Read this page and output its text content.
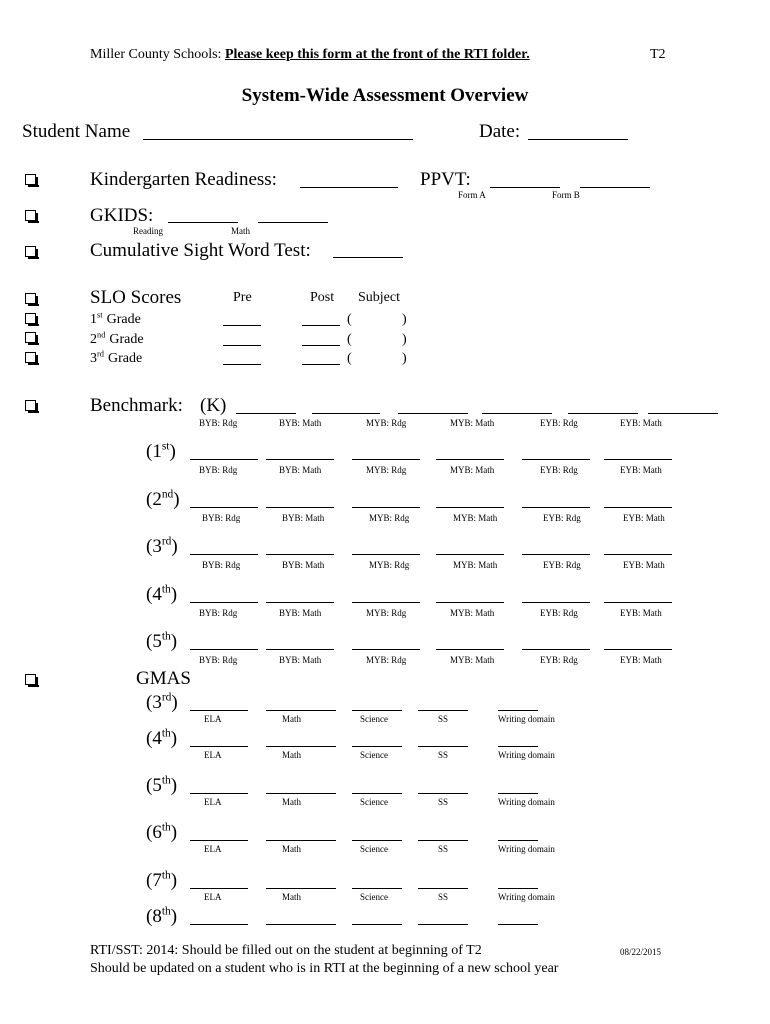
Miller County Schools: Please keep this form at the front of the RTI folder.	T2
System-Wide Assessment Overview
Student Name	Date:
Kindergarten Readiness:	PPVT:
Form A	Form B
GKIDS:
Reading	Math
Cumulative Sight Word Test:
SLO Scores	Pre	Post Subject
1st Grade	(	)
2nd Grade	(	)
3rd Grade	(	)
Benchmark: (K)
BYB: Rdg	BYB: Math	MYB: Rdg	MYB: Math	EYB: Rdg	EYB: Math
(1st)
BYB: Rdg	BYB: Math	MYB: Rdg	MYB: Math	EYB: Rdg	EYB: Math
(2nd)
BYB: Rdg	BYB: Math	MYB: Rdg	MYB: Math	EYB: Rdg	EYB: Math
(3rd)
BYB: Rdg	BYB: Math	MYB: Rdg	MYB: Math	EYB: Rdg	EYB: Math
(4th)
BYB: Rdg	BYB: Math	MYB: Rdg	MYB: Math	EYB: Rdg	EYB: Math
(5th)
BYB: Rdg	BYB: Math	MYB: Rdg	MYB: Math	EYB: Rdg	EYB: Math
GMAS
(3rd)
ELA	Math	Science	SS	Writing domain
(4th)
ELA	Math	Science	SS	Writing domain
(5th)
ELA	Math	Science	SS	Writing domain
(6th)
ELA	Math	Science	SS	Writing domain
(7th)
ELA	Math	Science	SS	Writing domain
(8th)
RTI/SST: 2014: Should be filled out on the student at beginning of T2
Should be updated on a student who is in RTI at the beginning of a new school year
08/22/2015
